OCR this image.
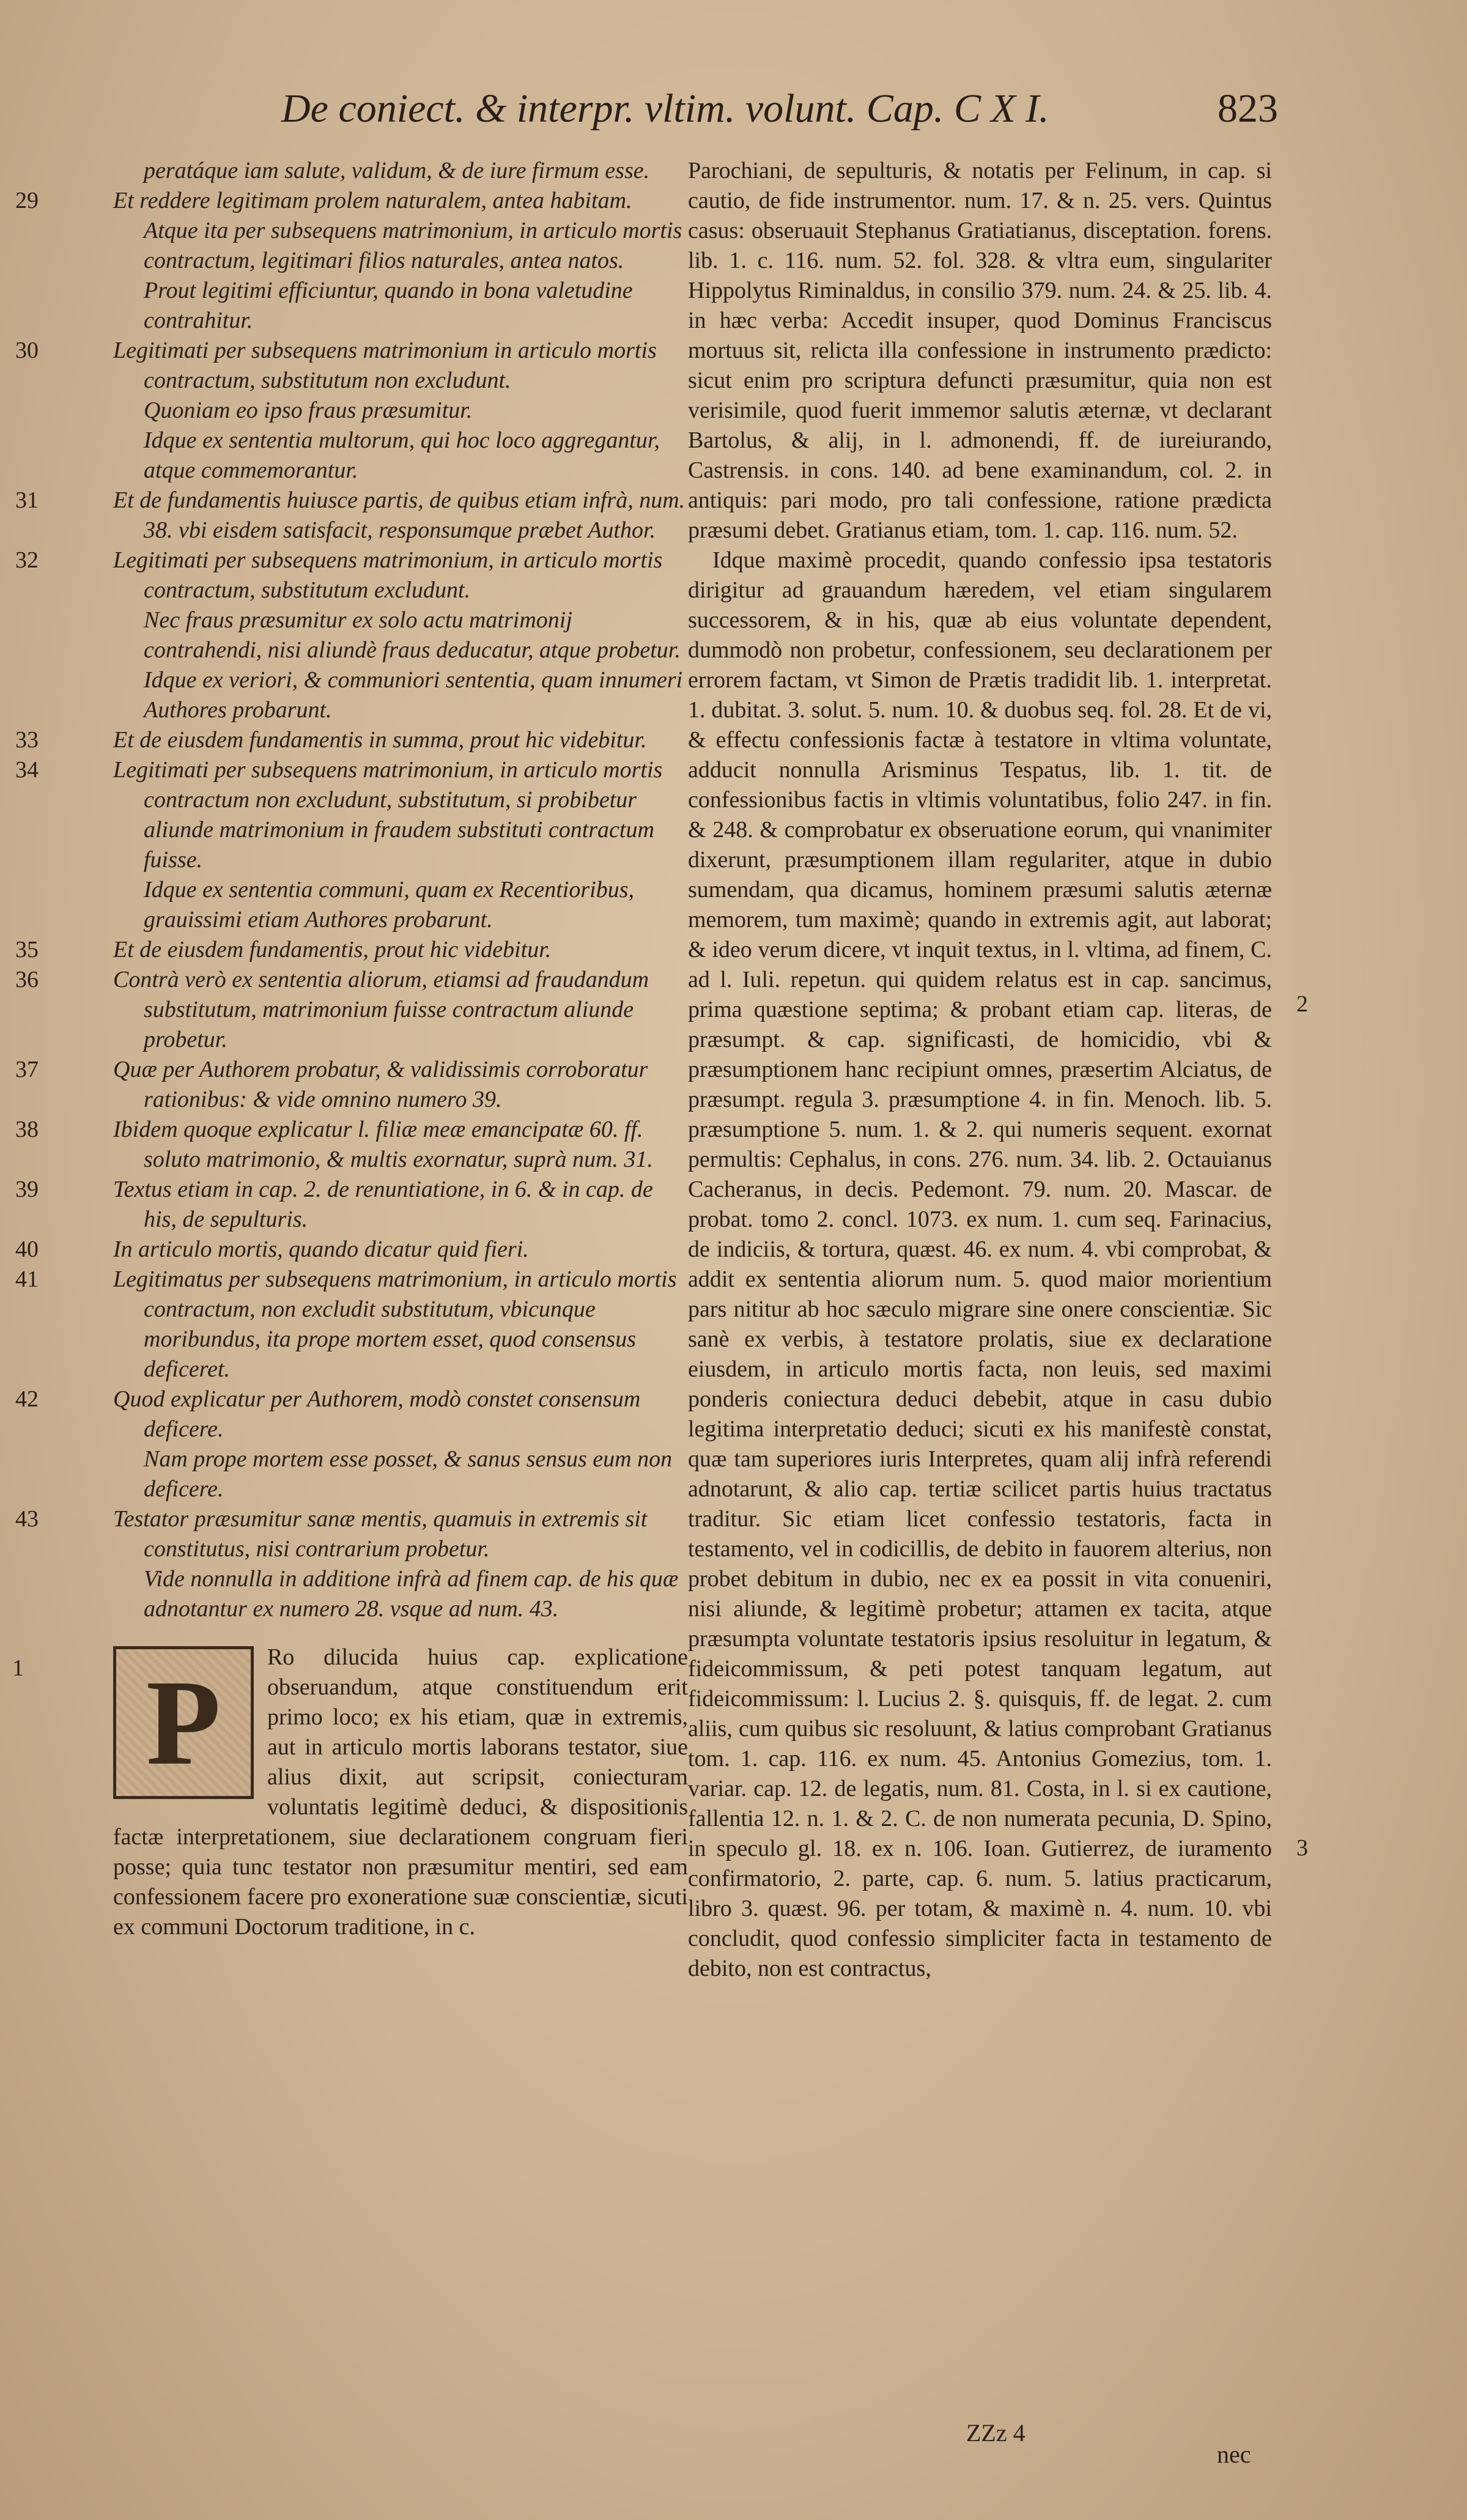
De coniect. & interpr. vltim. volunt. Cap. C X I.	823

peratáque iam salute, validum, & de iure firmum esse.

29	Et reddere legitimam prolem naturalem, antea habitam.

Atque ita per subsequens matrimonium, in articulo mortis contractum, legitimari filios naturales, antea natos.

Prout legitimi efficiuntur, quando in bona valetudine contrahitur.

30	Legitimati per subsequens matrimonium in articulo mortis contractum, substitutum non excludunt.

Quoniam eo ipso fraus præsumitur.

Idque ex sententia multorum, qui hoc loco aggregantur, atque commemorantur.

31	Et de fundamentis huiusce partis, de quibus etiam infrà, num. 38. vbi eisdem satisfacit, responsumque præbet Author.

32	Legitimati per subsequens matrimonium, in articulo mortis contractum, substitutum excludunt.

Nec fraus præsumitur ex solo actu matrimonij contrahendi, nisi aliundè fraus deducatur, atque probetur.

Idque ex veriori, & communiori sententia, quam innumeri Authores probarunt.

33	Et de eiusdem fundamentis in summa, prout hic videbitur.

34	Legitimati per subsequens matrimonium, in articulo mortis contractum non excludunt, substitutum, si probibetur aliunde matrimonium in fraudem substituti contractum fuisse.

Idque ex sententia communi, quam ex Recentioribus, grauissimi etiam Authores probarunt.

35	Et de eiusdem fundamentis, prout hic videbitur.

36	Contrà verò ex sententia aliorum, etiamsi ad fraudandum substitutum, matrimonium fuisse contractum aliunde probetur.

37	Quæ per Authorem probatur, & validissimis corroboratur rationibus: & vide omnino numero 39.

38	Ibidem quoque explicatur l. filiæ meæ emancipatæ 60. ff. soluto matrimonio, & multis exornatur, suprà num. 31.

39	Textus etiam in cap. 2. de renuntiatione, in 6. & in cap. de his, de sepulturis.

40	In articulo mortis, quando dicatur quid fieri.

41	Legitimatus per subsequens matrimonium, in articulo mortis contractum, non excludit substitutum, vbicunque moribundus, ita prope mortem esset, quod consensus deficeret.

42	Quod explicatur per Authorem, modò constet consensum deficere.

Nam prope mortem esse posset, & sanus sensus eum non deficere.

43	Testator præsumitur sanæ mentis, quamuis in extremis sit constitutus, nisi contrarium probetur.

Vide nonnulla in additione infrà ad finem cap. de his quæ adnotantur ex numero 28. vsque ad num. 43.

1 P	Ro dilucida huius cap. explicatione obseruandum, atque constituendum erit primo loco; ex his etiam, quæ in extremis, aut in articulo mortis laborans testator, siue alius dixit, aut scripsit, coniecturam voluntatis legitimè deduci, & dispositionis factæ interpretationem, siue declarationem congruam fieri posse; quia tunc testator non præsumitur mentiri, sed eam confessionem facere pro exoneratione suæ conscientiæ, sicuti ex communi Doctorum traditione, in c.

Parochiani, de sepulturis, & notatis per Felinum, in cap. si cautio, de fide instrumentor. num. 17. & n. 25. vers. Quintus casus: obseruauit Stephanus Gratiatianus, disceptation. forens. lib. 1. c. 116. num. 52. fol. 328. & vltra eum, singulariter Hippolytus Riminaldus, in consilio 379. num. 24. & 25. lib. 4. in hæc verba: Accedit insuper, quod Dominus Franciscus mortuus sit, relicta illa confessione in instrumento prædicto: sicut enim pro scriptura defuncti præsumitur, quia non est verisimile, quod fuerit immemor salutis æternæ, vt declarant Bartolus, & alij, in l. admonendi, ff. de iureiurando, Castrensis. in cons. 140. ad bene examinandum, col. 2. in antiquis: pari modo, pro tali confessione, ratione prædicta præsumi debet. Gratianus etiam, tom. 1. cap. 116. num. 52.

Idque maximè procedit, quando confessio ipsa testatoris dirigitur ad grauandum hæredem, vel etiam singularem successorem, & in his, quæ ab eius voluntate dependent, dummodò non probetur, confessionem, seu declarationem per errorem factam, vt Simon de Prætis tradidit lib. 1. interpretat. 1. dubitat. 3. solut. 5. num. 10. & duobus seq. fol. 28. Et de vi, & effectu confessionis factæ à testatore in vltima voluntate, adducit nonnulla Arisminus Tespatus, lib. 1. tit. de confessionibus factis in vltimis voluntatibus, folio 247. in fin. & 248. & comprobatur ex obseruatione eorum, qui vnanimiter dixerunt, præsumptionem illam regulariter, atque in dubio sumendam, qua dicamus, hominem præsumi salutis æternæ memorem, tum maximè; quando in extremis agit, aut laborat; & ideo verum dicere, vt inquit textus, in l. vltima, ad finem, C. ad l. Iuli. repetun. qui quidem relatus est in cap. sancimus, prima quæstione septima; & probant etiam cap. literas, de præsumpt. & cap. significasti, de homicidio, vbi & præsumptionem hanc recipiunt omnes, præsertim Alciatus, de præsumpt. regula 3. præsumptione 4. in fin. Menoch. lib. 5. præsumptione 5. num. 1. & 2. qui numeris sequent. exornat permultis: Cephalus, in cons. 276. num. 34. lib. 2. Octauianus Cacheranus, in decis. Pedemont. 79. num. 20. Mascar. de probat. tomo 2. concl. 1073. ex num. 1. cum seq. Farinacius, de indiciis, & tortura, quæst. 46. ex num. 4. vbi comprobat, & addit ex sententia aliorum num. 5. quod maior morientium pars nititur ab hoc sæculo migrare sine onere conscientiæ. Sic sanè ex verbis, à testatore prolatis, siue ex declaratione eiusdem, in articulo mortis facta, non leuis, sed maximi ponderis coniectura deduci debebit, atque in casu dubio legitima interpretatio deduci; sicuti ex his manifestè constat, quæ tam superiores iuris Interpretes, quam alij infrà referendi adnotarunt, & alio cap. tertiæ scilicet partis huius tractatus traditur. Sic etiam licet confessio testatoris, facta in testamento, vel in codicillis, de debito in fauorem alterius, non probet debitum in dubio, nec ex ea possit in vita conueniri, nisi aliunde, & legitimè probetur; attamen ex tacita, atque præsumpta voluntate testatoris ipsius resoluitur in legatum, & fideicommissum, & peti potest tanquam legatum, aut fideicommissum: l. Lucius 2. §. quisquis, ff. de legat. 2. cum aliis, cum quibus sic resoluunt, & latius comprobant Gratianus tom. 1. cap. 116. ex num. 45. Antonius Gomezius, tom. 1. variar. cap. 12. de legatis, num. 81. Costa, in l. si ex cautione, fallentia 12. n. 1. & 2. C. de non numerata pecunia, D. Spino, in speculo gl. 18. ex n. 106. Ioan. Gutierrez, de iuramento confirmatorio, 2. parte, cap. 6. num. 5. latius practicarum, libro 3. quæst. 96. per totam, & maximè n. 4. num. 10. vbi concludit, quod confessio simpliciter facta in testamento de debito, non est contractus,

2
3
ZZz 4
nec
